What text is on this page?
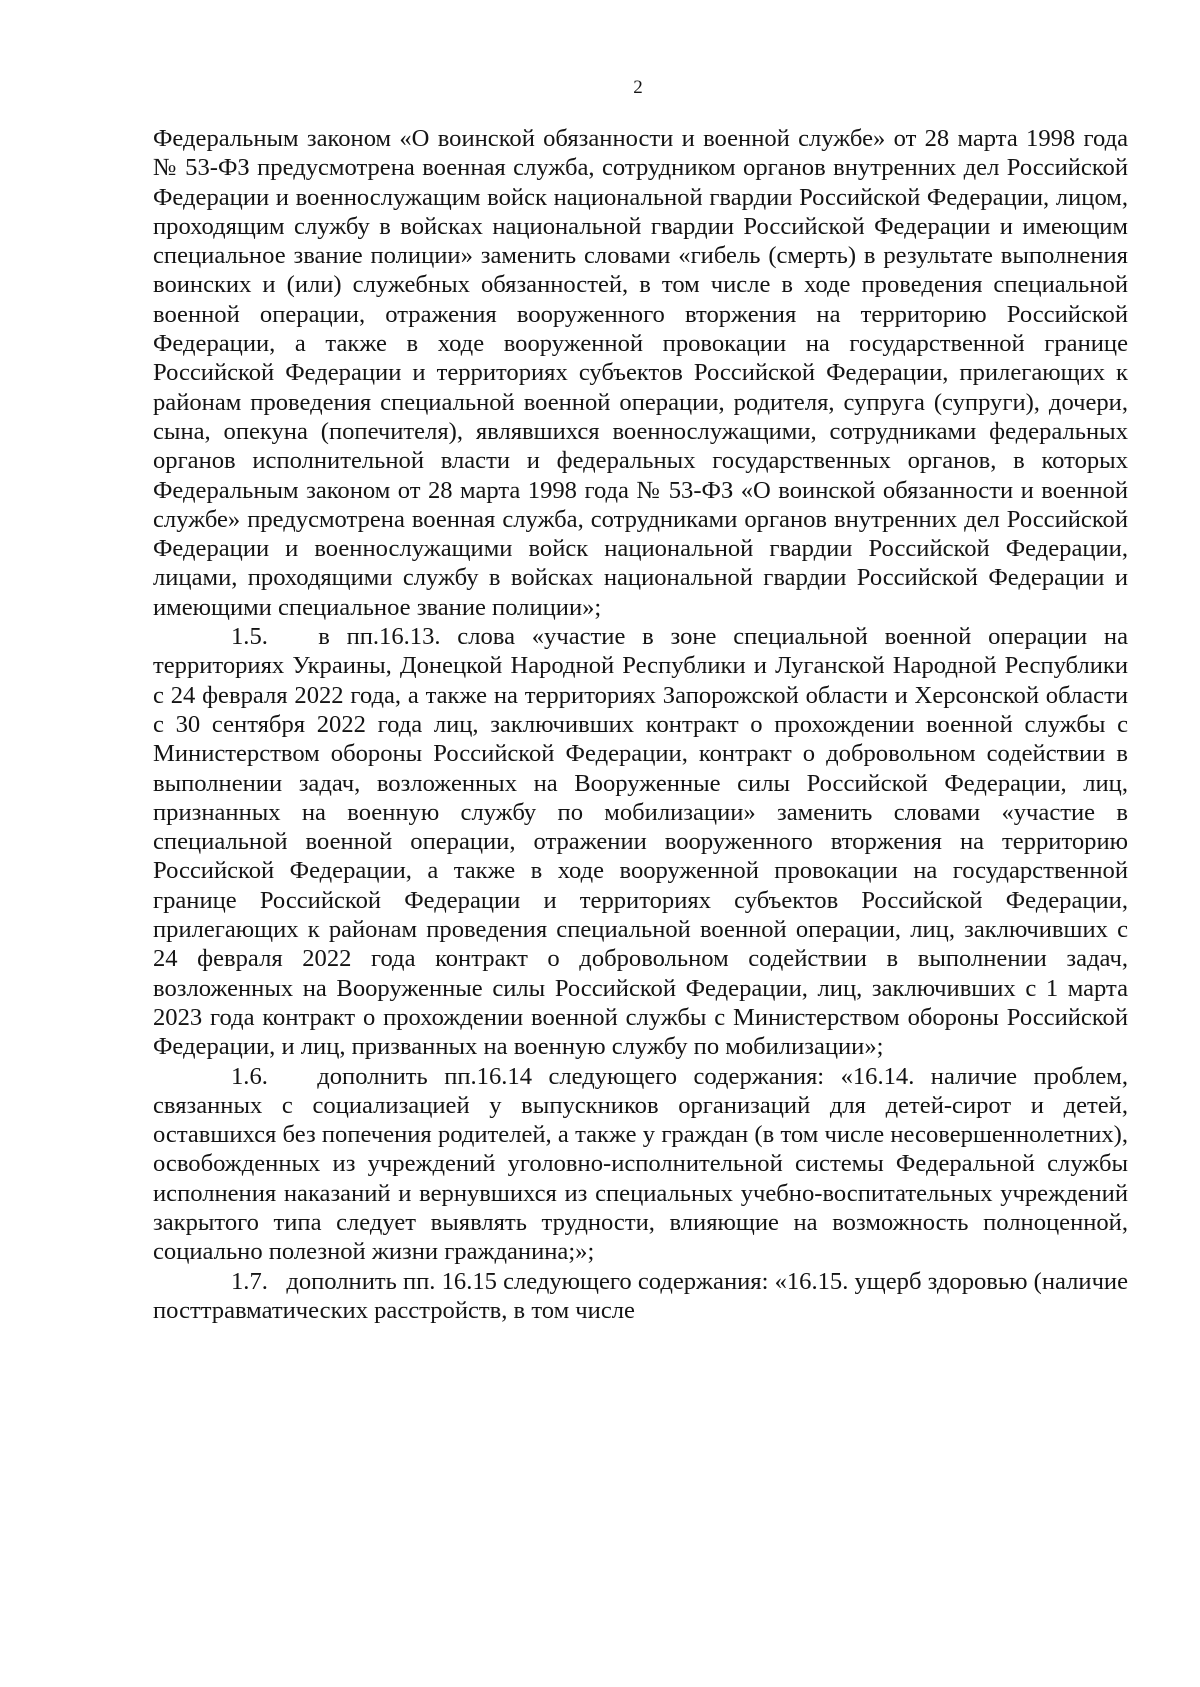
2

Федеральным законом «О воинской обязанности и военной службе» от 28 марта 1998 года № 53-ФЗ предусмотрена военная служба, сотрудником органов внутренних дел Российской Федерации и военнослужащим войск национальной гвардии Российской Федерации, лицом, проходящим службу в войсках национальной гвардии Российской Федерации и имеющим специальное звание полиции» заменить словами «гибель (смерть) в результате выполнения воинских и (или) служебных обязанностей, в том числе в ходе проведения специальной военной операции, отражения вооруженного вторжения на территорию Российской Федерации, а также в ходе вооруженной провокации на государственной границе Российской Федерации и территориях субъектов Российской Федерации, прилегающих к районам проведения специальной военной операции, родителя, супруга (супруги), дочери, сына, опекуна (попечителя), являвшихся военнослужащими, сотрудниками федеральных органов исполнительной власти и федеральных государственных органов, в которых Федеральным законом от 28 марта 1998 года № 53-ФЗ «О воинской обязанности и военной службе» предусмотрена военная служба, сотрудниками органов внутренних дел Российской Федерации и военнослужащими войск национальной гвардии Российской Федерации, лицами, проходящими службу в войсках национальной гвардии Российской Федерации и имеющими специальное звание полиции»;

1.5.   в пп.16.13. слова «участие в зоне специальной военной операции на территориях Украины, Донецкой Народной Республики и Луганской Народной Республики с 24 февраля 2022 года, а также на территориях Запорожской области и Херсонской области с 30 сентября 2022 года лиц, заключивших контракт о прохождении военной службы с Министерством обороны Российской Федерации, контракт о добровольном содействии в выполнении задач, возложенных на Вооруженные силы Российской Федерации, лиц, признанных на военную службу по мобилизации» заменить словами «участие в специальной военной операции, отражении вооруженного вторжения на территорию Российской Федерации, а также в ходе вооруженной провокации на государственной границе Российской Федерации и территориях субъектов Российской Федерации, прилегающих к районам проведения специальной военной операции, лиц, заключивших с 24 февраля 2022 года контракт о добровольном содействии в выполнении задач, возложенных на Вооруженные силы Российской Федерации, лиц, заключивших с 1 марта 2023 года контракт о прохождении военной службы с Министерством обороны Российской Федерации, и лиц, призванных на военную службу по мобилизации»;

1.6.   дополнить пп.16.14 следующего содержания: «16.14. наличие проблем, связанных с социализацией у выпускников организаций для детей-сирот и детей, оставшихся без попечения родителей, а также у граждан (в том числе несовершеннолетних), освобожденных из учреждений уголовно-исполнительной системы Федеральной службы исполнения наказаний и вернувшихся из специальных учебно-воспитательных учреждений закрытого типа следует выявлять трудности, влияющие на возможность полноценной, социально полезной жизни гражданина;»;

1.7.   дополнить пп. 16.15 следующего содержания: «16.15. ущерб здоровью (наличие посттравматических расстройств, в том числе
